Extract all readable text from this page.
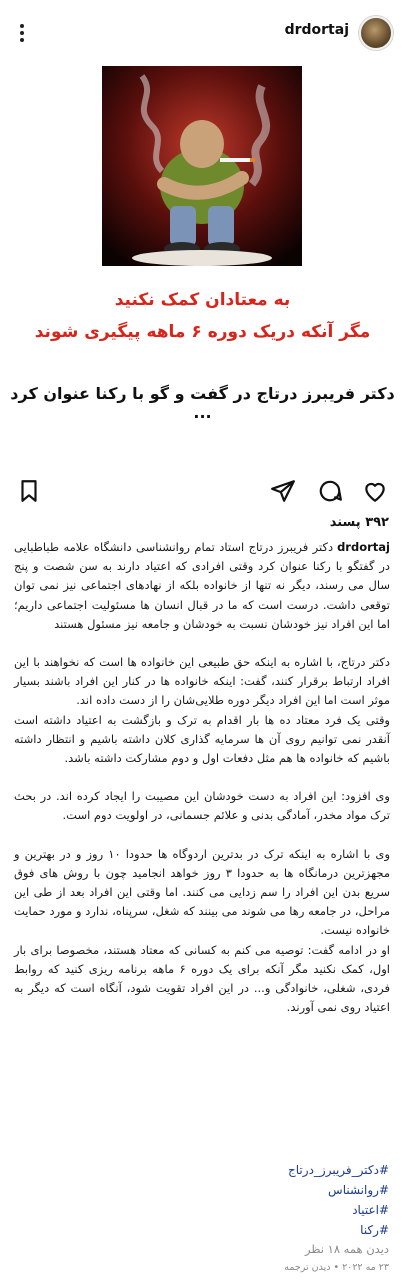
drdortaj
به معتادان کمک نکنید
مگر آنکه دریک دوره ۶ ماهه پیگیری شوند
دکتر فریبرز درتاج در گفت و گو با رکنا عنوان کرد ...
۳۹۲ پسند

drdortajدکتر فریبرز درتاج استاد تمام روانشناسی دانشگاه علامه طباطبایی در گفتگو با رکنا عنوان کرد وقتی افرادی که اعتیاد دارند به سن شصت و پنج سال می رسند، دیگر نه تنها از خانواده بلکه از نهادهای اجتماعی نیز نمی توان توقعی داشت. درست است که ما در قبال انسان ها مسئولیت اجتماعی داریم؛ اما این افراد نیز خودشان نسبت به خودشان و جامعه نیز مسئول هستند

دکتر درتاج، با اشاره به اینکه حق طبیعی این خانواده ها است که نخواهند با این افراد ارتباط برقرار کنند، گفت: اینکه خانواده ها در کنار این افراد باشند بسیار موثر است اما این افراد دیگر دوره طلایی‌شان را از دست داده اند.

وقتی یک فرد معتاد ده ها بار اقدام به ترک و بازگشت به اعتیاد داشته است آنقدر نمی توانیم روی آن ها سرمایه گذاری کلان داشته باشیم و انتظار داشته باشیم که خانواده ها هم مثل دفعات اول و دوم مشارکت داشته باشد.

وی افزود: این افراد به دست خودشان این مصیبت را ایجاد کرده اند. در بحث ترک مواد مخدر، آمادگی بدنی و علائم جسمانی، در اولویت دوم است.

وی با اشاره به اینکه ترک در بدترین اردوگاه ها حدودا ۱۰ روز و در بهترین و مجهزترین درمانگاه ها به حدودا ۳ روز خواهد انجامید چون با روش های فوق سریع بدن این افراد را سم زدایی می کنند. اما وقتی این افراد بعد از طی این مراحل، در جامعه رها می شوند می بینند که شغل، سرپناه، ندارد و مورد حمایت خانواده نیست.

او در ادامه گفت: توصیه می کنم به کسانی که معتاد هستند، مخصوصا برای بار اول، کمک نکنید مگر آنکه برای یک دوره ۶ ماهه برنامه ریزی کنید که روابط فردی، شغلی، خانوادگی و... در این افراد تقویت شود، آنگاه است که دیگر به اعتیاد روی نمی آورند.

#دکتر_فریبرز_درتاج
#روانشناس
#اعتیاد
#رکنا
دیدن همه ۱۸ نظر
۲۳ مه ۲۰۲۲ • دیدن ترجمه
